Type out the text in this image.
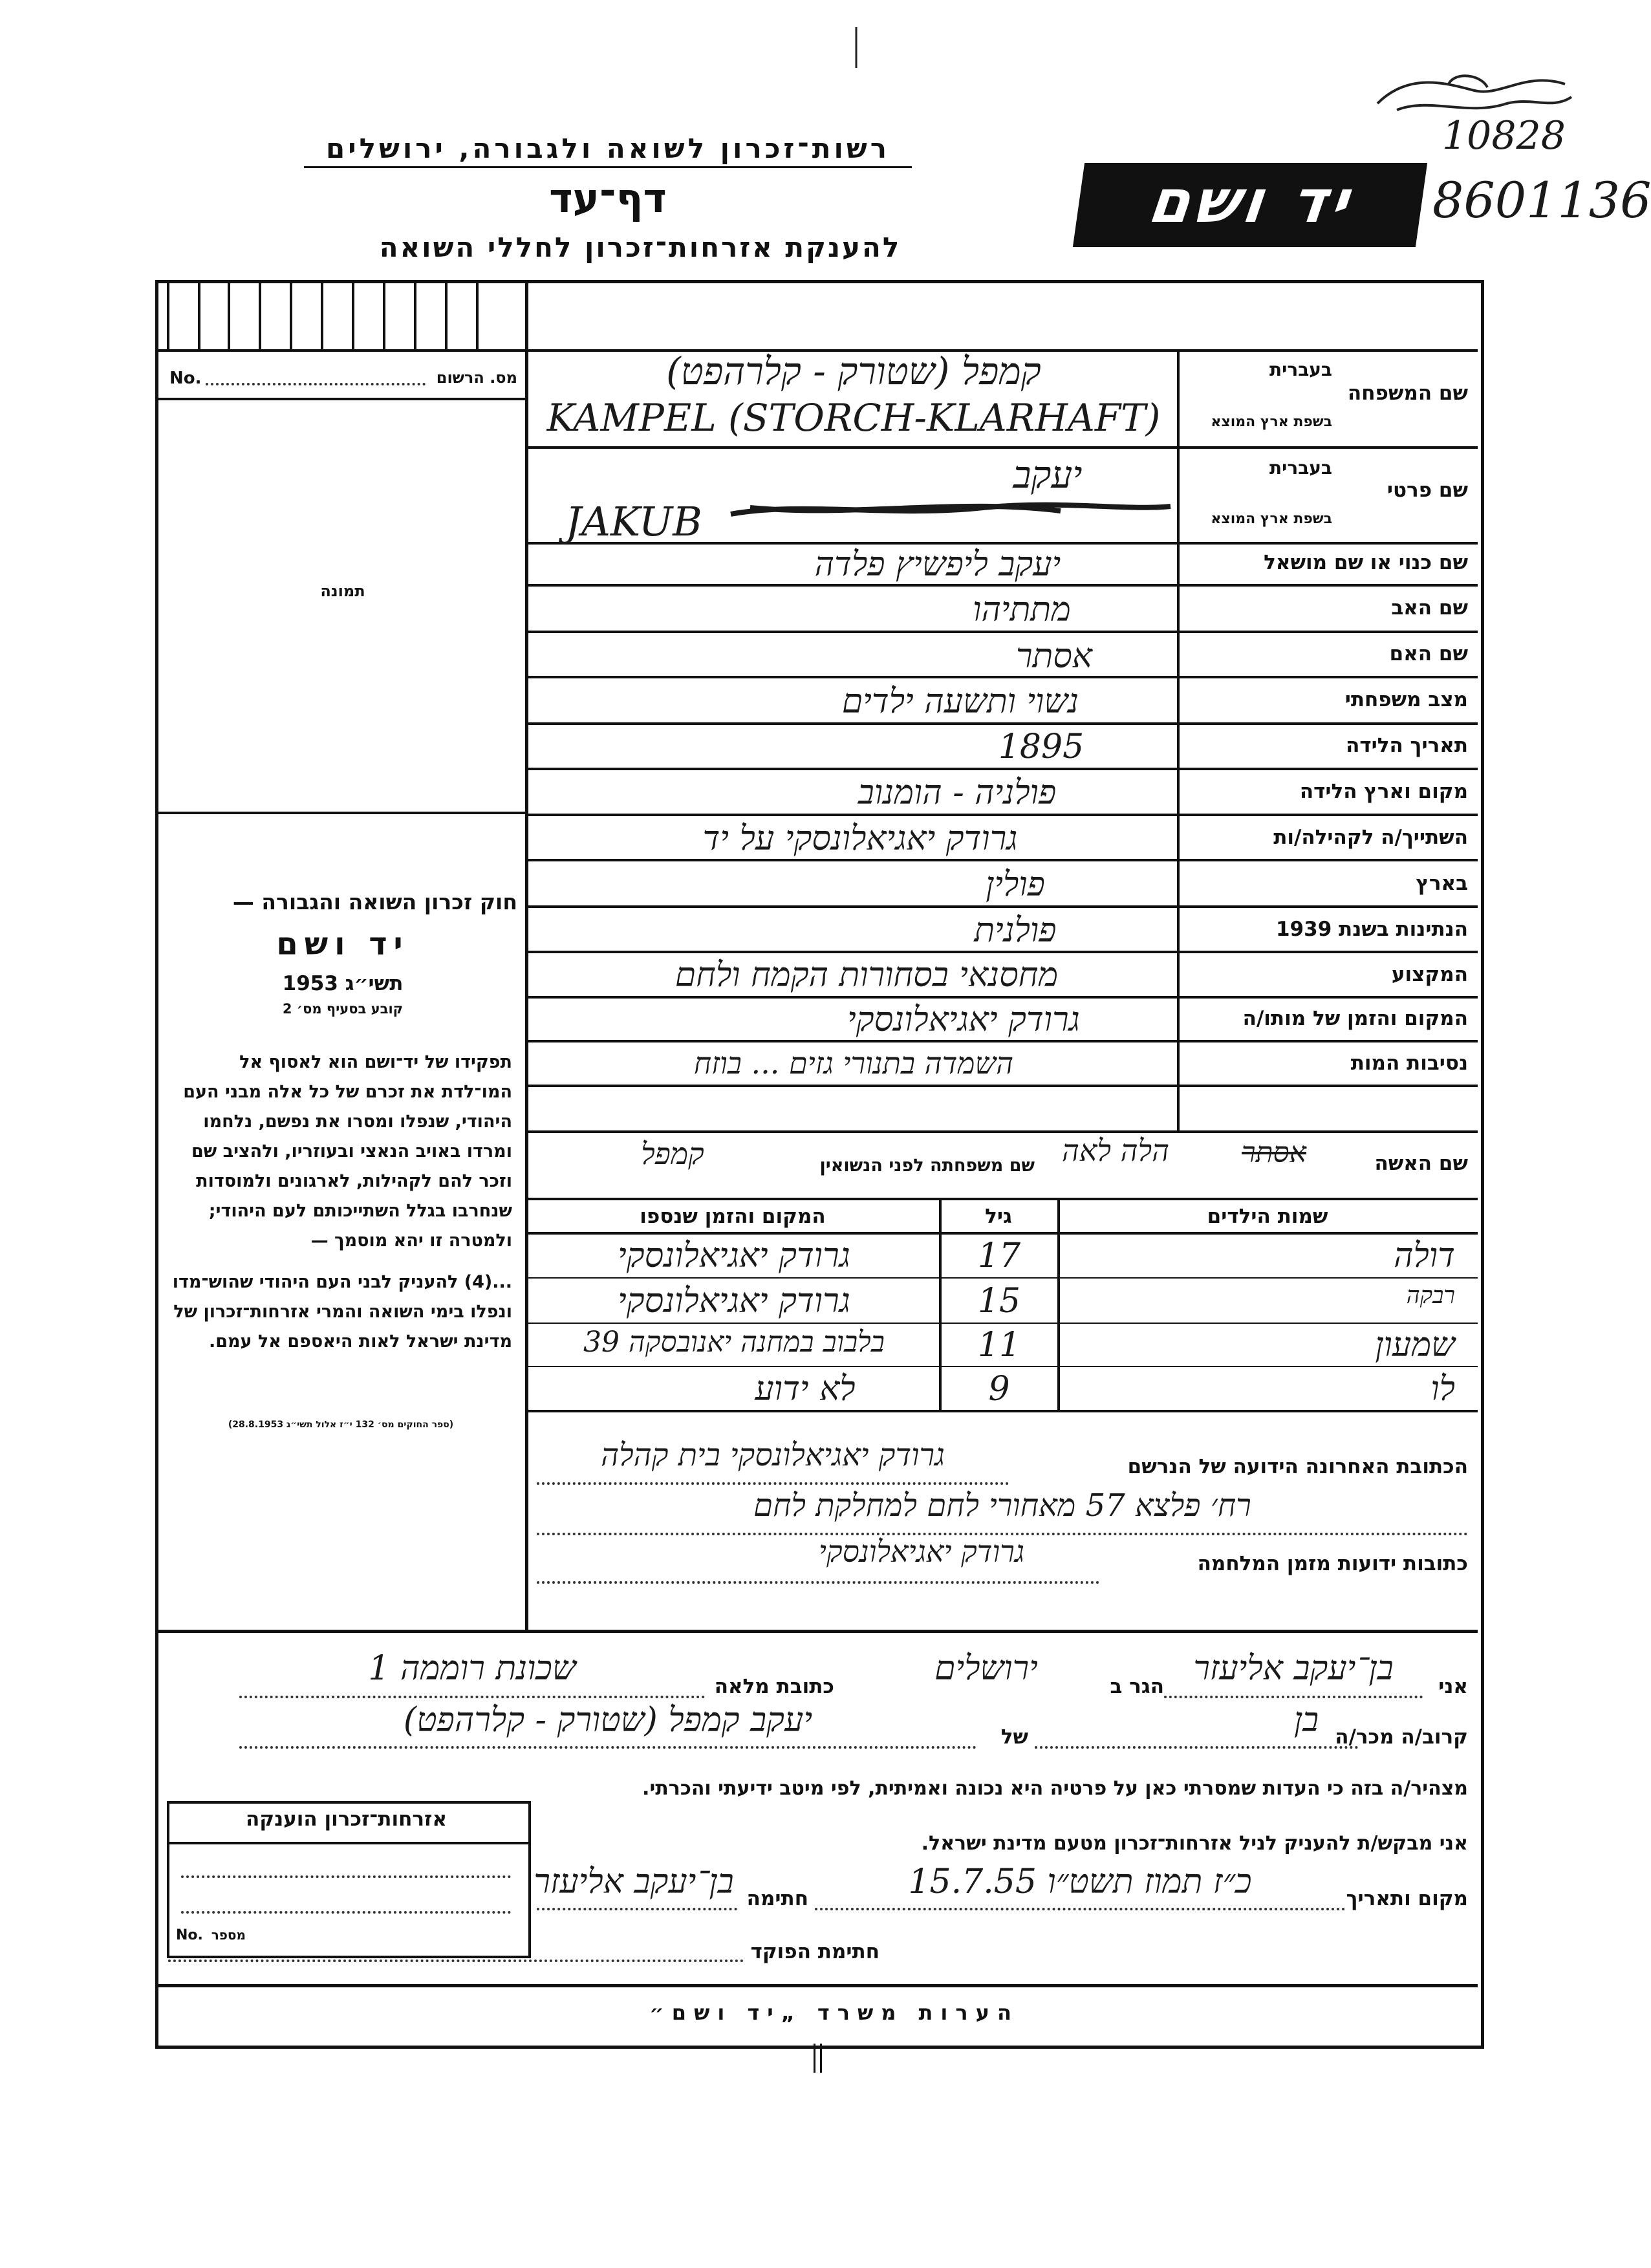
רשות־זכרון לשואה ולגבורה, ירושלים
דף־עד
להענקת אזרחות־זכרון לחללי השואה
יד ושם
10828
8601136
No.	מס. הרשום
תמונה
חוק זכרון השואה והגבורה —
יד ושם
תשי״ג 1953
קובע בסעיף מס׳ 2
תפקידו של יד־ושם הוא לאסוף אל המו־לדת את זכרם של כל אלה מבני העם היהודי, שנפלו ומסרו את נפשם, נלחמו ומרדו באויב הנאצי ובעוזריו, ולהציב שם וזכר להם לקהילות, לארגונים ולמוסדות שנחרבו בגלל השתייכותם לעם היהודי; ולמטרה זו יהא מוסמך —
...(4) להעניק לבני העם היהודי שהוש־מדו ונפלו בימי השואה והמרי אזרחות־זכרון של מדינת ישראל לאות היאספם אל עמם.
(ספר החוקים מס׳ 132 י״ז אלול תשי״ג 28.8.1953)
שם המשפחה
בעברית
בשפת ארץ המוצא
שם פרטי
בעברית
בשפת ארץ המוצא
שם כנוי או שם מושאל
שם האב
שם האם
מצב משפחתי
תאריך הלידה
מקום וארץ הלידה
השתייך/ה לקהילה/ות
בארץ
הנתינות בשנת 1939
המקצוע
המקום והזמן של מותו/ה
נסיבות המות
קמפל (שטורק - קלרהפט)
KAMPEL (STORCH-KLARHAFT)
יעקב
JAKUB
יעקב ליפשיץ פלדה
מתתיהו
אסתר
נשוי ותשעה ילדים
1895
פולניה - הומנוב
גרודק יאגיאלונסקי על יד
פולין
פולנית
מחסנאי בסחורות הקמח ולחם
גרודק יאגיאלונסקי
השמדה בתנורי גזים ... בוזח
שם האשה
אסתר
הלה לאה
שם משפחתה לפני הנשואין
קמפל
שמות הילדים
גיל
המקום והזמן שנספו
דולה
17
גרודק יאגיאלונסקי
רבקה
15
גרודק יאגיאלונסקי
שמעון
11
בלבוב במחנה יאנובסקה 39
לו
9
לא ידוע
הכתובת האחרונה הידועה של הנרשם
גרודק יאגיאלונסקי בית קהלה
רח׳ פלצא 57 מאחורי לחם למחלקת לחם
כתובות ידועות מזמן המלחמה
גרודק יאגיאלונסקי
אני
בן־יעקב אליעזר
הגר ב
ירושלים
כתובת מלאה
שכונת רוממה 1
קרוב/ה מכר/ה
בן
של
יעקב קמפל (שטורק - קלרהפט)
מצהיר/ה בזה כי העדות שמסרתי כאן על פרטיה היא נכונה ואמיתית, לפי מיטב ידיעתי והכרתי.
אזרחות־זכרון הוענקה
No. מספר
אני מבקש/ת להעניק לניל אזרחות־זכרון מטעם מדינת ישראל.
מקום ותאריך
כ״ז תמוז תשט״ו 15.7.55
חתימה
בן־יעקב אליעזר
חתימת הפוקד
הערות משרד „יד ושם״
